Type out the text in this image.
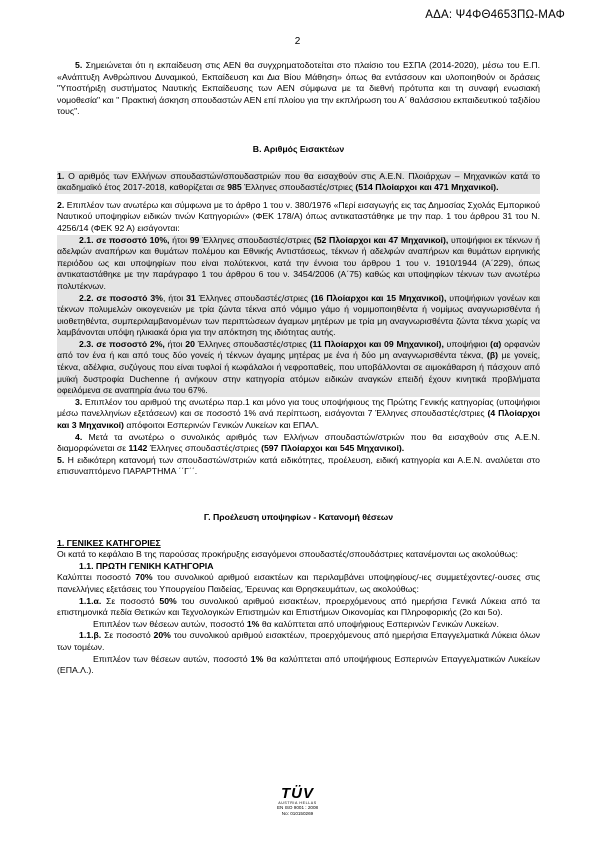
ΑΔΑ: Ψ4ΦΘ4653ΠΩ-ΜΑΦ
2

5. Σημειώνεται ότι η εκπαίδευση στις ΑΕΝ θα συγχρηματοδοτείται στο πλαίσιο του ΕΣΠΑ (2014-2020), μέσω του Ε.Π. «Ανάπτυξη Ανθρώπινου Δυναμικού, Εκπαίδευση και Δια Βίου Μάθηση» όπως θα εντάσσουν και υλοποιηθούν οι δράσεις "Υποστήριξη συστήματος Ναυτικής Εκπαίδευσης των ΑΕΝ σύμφωνα με τα διεθνή πρότυπα και τη συναφή ενωσιακή νομοθεσία" και " Πρακτική άσκηση σπουδαστών ΑΕΝ επί πλοίου για την εκπλήρωση του Α΄ θαλάσσιου εκπαιδευτικού ταξιδίου τους".

Β. Αριθμός Εισακτέων

1. Ο αριθμός των Ελλήνων σπουδαστών/σπουδαστριών που θα εισαχθούν στις Α.Ε.Ν. Πλοιάρχων – Μηχανικών κατά το ακαδημαϊκό έτος 2017-2018, καθορίζεται σε 985 Έλληνες σπουδαστές/στριες (514 Πλοίαρχοι και 471 Μηχανικοί).

2. Επιπλέον των ανωτέρω και σύμφωνα με το άρθρο 1 του ν. 380/1976 «Περί εισαγωγής εις τας Δημοσίας Σχολάς Εμπορικού Ναυτικού υποψηφίων ειδικών τινών Κατηγοριών» (ΦΕΚ 178/Α) όπως αντικαταστάθηκε με την παρ. 1 του άρθρου 31 του Ν. 4256/14 (ΦΕΚ 92 Α) εισάγονται:

2.1. σε ποσοστό 10%, ήτοι 99 Έλληνες σπουδαστές/στριες (52 Πλοίαρχοι και 47 Μηχανικοί), υποψήφιοι εκ τέκνων ή αδελφών αναπήρων και θυμάτων πολέμου και Εθνικής Αντιστάσεως, τέκνων ή αδελφών αναπήρων και θυμάτων ειρηνικής περιόδου ως και υποψηφίων που είναι πολύτεκνοι, κατά την έννοια του άρθρου 1 του ν. 1910/1944 (Α΄229), όπως αντικαταστάθηκε με την παράγραφο 1 του άρθρου 6 του ν. 3454/2006 (Α΄75) καθώς και υποψηφίων τέκνων των ανωτέρω πολυτέκνων.

2.2. σε ποσοστό 3%, ήτοι 31 Έλληνες σπουδαστές/στριες (16 Πλοίαρχοι και 15 Μηχανικοί), υποψήφιων γονέων και τέκνων πολυμελών οικογενειών με τρία ζώντα τέκνα από νόμιμο γάμο ή νομιμοποιηθέντα ή νομίμως αναγνωρισθέντα ή υιοθετηθέντα, συμπεριλαμβανομένων των περιπτώσεων άγαμων μητέρων με τρία μη αναγνωρισθέντα ζώντα τέκνα χωρίς να λαμβάνονται υπόψη ηλικιακά όρια για την απόκτηση της ιδιότητας αυτής.

2.3. σε ποσοστό 2%, ήτοι 20 Έλληνες σπουδαστές/στριες (11 Πλοίαρχοι και 09 Μηχανικοί), υποψήφιοι (α) ορφανών από τον ένα ή και από τους δύο γονείς ή τέκνων άγαμης μητέρας με ένα ή δύο μη αναγνωρισθέντα τέκνα, (β) με γονείς, τέκνα, αδέλφια, συζύγους που είναι τυφλοί ή κωφάλαλοι ή νεφροπαθείς, που υποβάλλονται σε αιμοκάθαρση ή πάσχουν από μυϊκή δυστροφία Duchenne ή ανήκουν στην κατηγορία ατόμων ειδικών αναγκών επειδή έχουν κινητικά προβλήματα οφειλόμενα σε αναπηρία άνω του 67%.

3. Επιπλέον του αριθμού της ανωτέρω παρ.1 και μόνο για τους υποψήφιους της Πρώτης Γενικής κατηγορίας (υποψήφιοι μέσω πανελληνίων εξετάσεων) και σε ποσοστό 1% ανά περίπτωση, εισάγονται 7 Έλληνες σπουδαστές/στριες (4 Πλοίαρχοι και 3 Μηχανικοί) απόφοιτοι Εσπερινών Γενικών Λυκείων και ΕΠΑΛ.

4. Μετά τα ανωτέρω ο συνολικός αριθμός των Ελλήνων σπουδαστών/στριών που θα εισαχθούν στις Α.Ε.Ν. διαμορφώνεται σε 1142 Έλληνες σπουδαστές/στριες (597 Πλοίαρχοι και 545 Μηχανικοί).

5. Η ειδικότερη κατανομή των σπουδαστών/στριών κατά ειδικότητες, προέλευση, ειδική κατηγορία και Α.Ε.Ν. αναλύεται στο επισυναπτόμενο ΠΑΡΑΡΤΗΜΑ ΄΄Γ΄΄.

Γ. Προέλευση υποψηφίων - Κατανομή θέσεων

1. ΓΕΝΙΚΕΣ ΚΑΤΗΓΟΡΙΕΣ

Οι κατά το κεφάλαιο Β της παρούσας προκήρυξης εισαγόμενοι σπουδαστές/σπουδάστριες κατανέμονται ως ακολούθως:

1.1. ΠΡΩΤΗ ΓΕΝΙΚΗ ΚΑΤΗΓΟΡΙΑ

Καλύπτει ποσοστό 70% του συνολικού αριθμού εισακτέων και περιλαμβάνει υποψηφίους/-ιες συμμετέχοντες/-ουσες στις πανελλήνιες εξετάσεις του Υπουργείου Παιδείας, Έρευνας και Θρησκευμάτων, ως ακολούθως:

1.1.α. Σε ποσοστό 50% του συνολικού αριθμού εισακτέων, προερχόμενους από ημερήσια Γενικά Λύκεια από τα επιστημονικά πεδία Θετικών και Τεχνολογικών Επιστημών και Επιστήμων Οικονομίας και Πληροφορικής (2ο και 5ο).

Επιπλέον των θέσεων αυτών, ποσοστό 1% θα καλύπτεται από υποψήφιους Εσπερινών Γενικών Λυκείων.

1.1.β. Σε ποσοστό 20% του συνολικού αριθμού εισακτέων, προερχόμενους από ημερήσια Επαγγελματικά Λύκεια όλων των τομέων.

Επιπλέον των θέσεων αυτών, ποσοστό 1% θα καλύπτεται από υποψήφιους Εσπερινών Επαγγελματικών Λυκείων (ΕΠΑ.Λ.).

TÜV
AUSTRIA HELLAS
EN ISO 9001 : 2008
No: 010150269
